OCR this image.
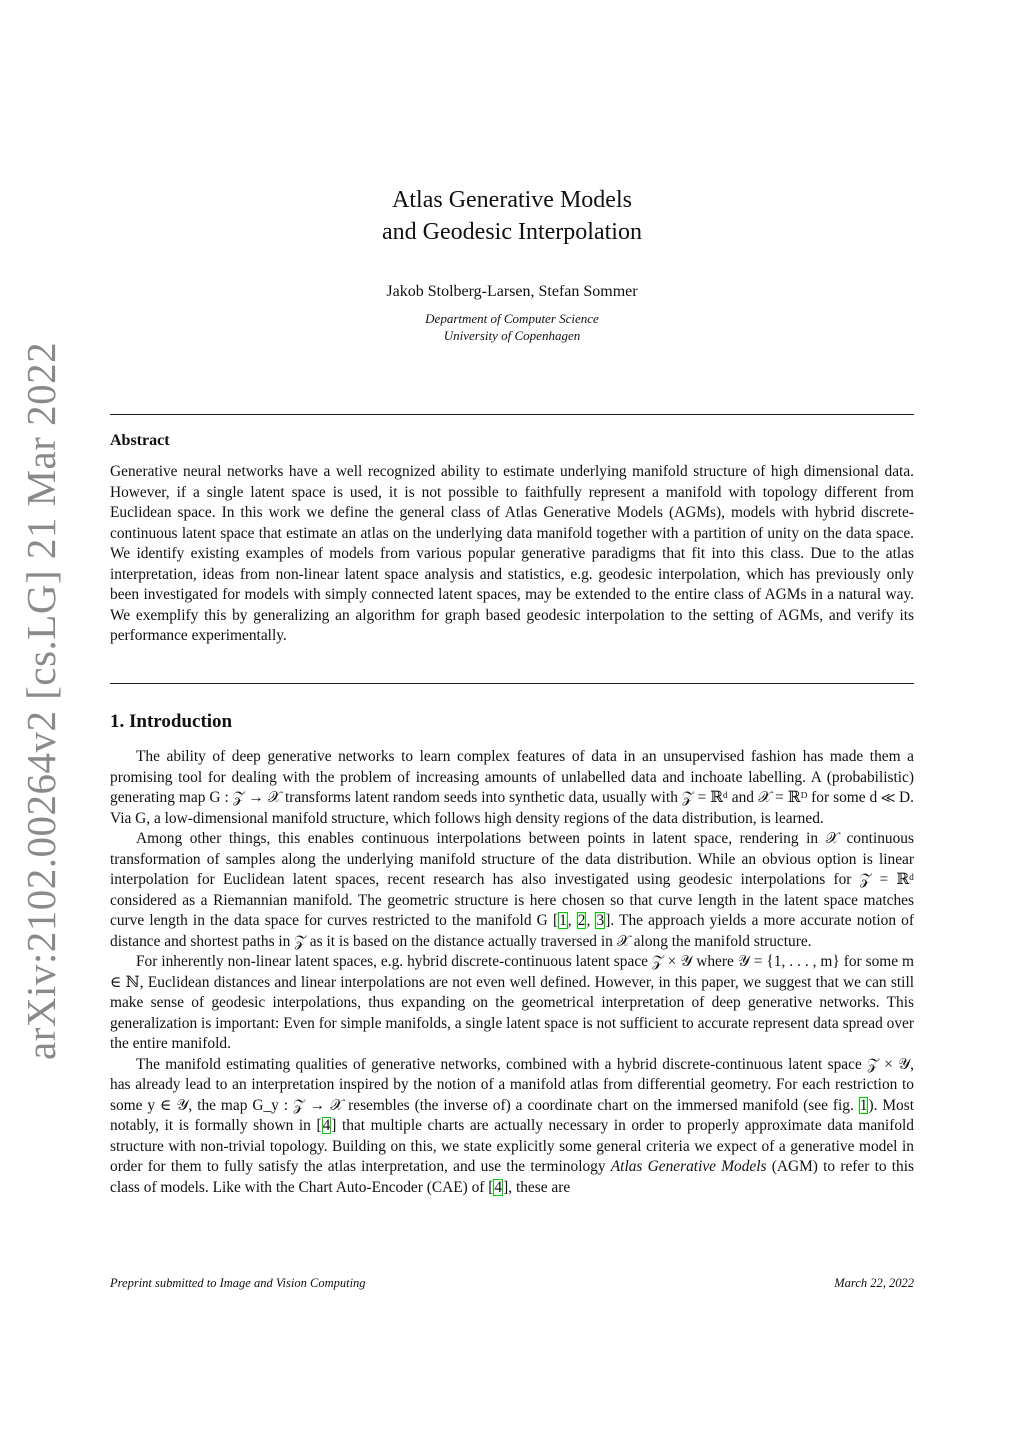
arXiv:2102.00264v2 [cs.LG] 21 Mar 2022
Atlas Generative Models
and Geodesic Interpolation
Jakob Stolberg-Larsen, Stefan Sommer
Department of Computer Science
University of Copenhagen
Abstract

Generative neural networks have a well recognized ability to estimate underlying manifold structure of high dimensional data. However, if a single latent space is used, it is not possible to faithfully represent a manifold with topology different from Euclidean space. In this work we define the general class of Atlas Generative Models (AGMs), models with hybrid discrete-continuous latent space that estimate an atlas on the underlying data manifold together with a partition of unity on the data space. We identify existing examples of models from various popular generative paradigms that fit into this class. Due to the atlas interpretation, ideas from non-linear latent space analysis and statistics, e.g. geodesic interpolation, which has previously only been investigated for models with simply connected latent spaces, may be extended to the entire class of AGMs in a natural way. We exemplify this by generalizing an algorithm for graph based geodesic interpolation to the setting of AGMs, and verify its performance experimentally.

1. Introduction

The ability of deep generative networks to learn complex features of data in an unsupervised fashion has made them a promising tool for dealing with the problem of increasing amounts of unlabelled data and inchoate labelling. A (probabilistic) generating map G : 𝒵 → 𝒳 transforms latent random seeds into synthetic data, usually with 𝒵 = ℝᵈ and 𝒳 = ℝᴰ for some d ≪ D. Via G, a low-dimensional manifold structure, which follows high density regions of the data distribution, is learned.

Among other things, this enables continuous interpolations between points in latent space, rendering in 𝒳 continuous transformation of samples along the underlying manifold structure of the data distribution. While an obvious option is linear interpolation for Euclidean latent spaces, recent research has also investigated using geodesic interpolations for 𝒵 = ℝᵈ considered as a Riemannian manifold. The geometric structure is here chosen so that curve length in the latent space matches curve length in the data space for curves restricted to the manifold G [1, 2, 3]. The approach yields a more accurate notion of distance and shortest paths in 𝒵 as it is based on the distance actually traversed in 𝒳 along the manifold structure.

For inherently non-linear latent spaces, e.g. hybrid discrete-continuous latent space 𝒵 × 𝒴 where 𝒴 = {1, . . . , m} for some m ∈ ℕ, Euclidean distances and linear interpolations are not even well defined. However, in this paper, we suggest that we can still make sense of geodesic interpolations, thus expanding on the geometrical interpretation of deep generative networks. This generalization is important: Even for simple manifolds, a single latent space is not sufficient to accurate represent data spread over the entire manifold.

The manifold estimating qualities of generative networks, combined with a hybrid discrete-continuous latent space 𝒵 × 𝒴, has already lead to an interpretation inspired by the notion of a manifold atlas from differential geometry. For each restriction to some y ∈ 𝒴, the map G_y : 𝒵 → 𝒳 resembles (the inverse of) a coordinate chart on the immersed manifold (see fig. 1). Most notably, it is formally shown in [4] that multiple charts are actually necessary in order to properly approximate data manifold structure with non-trivial topology. Building on this, we state explicitly some general criteria we expect of a generative model in order for them to fully satisfy the atlas interpretation, and use the terminology Atlas Generative Models (AGM) to refer to this class of models. Like with the Chart Auto-Encoder (CAE) of [4], these are

Preprint submitted to Image and Vision Computing	March 22, 2022
